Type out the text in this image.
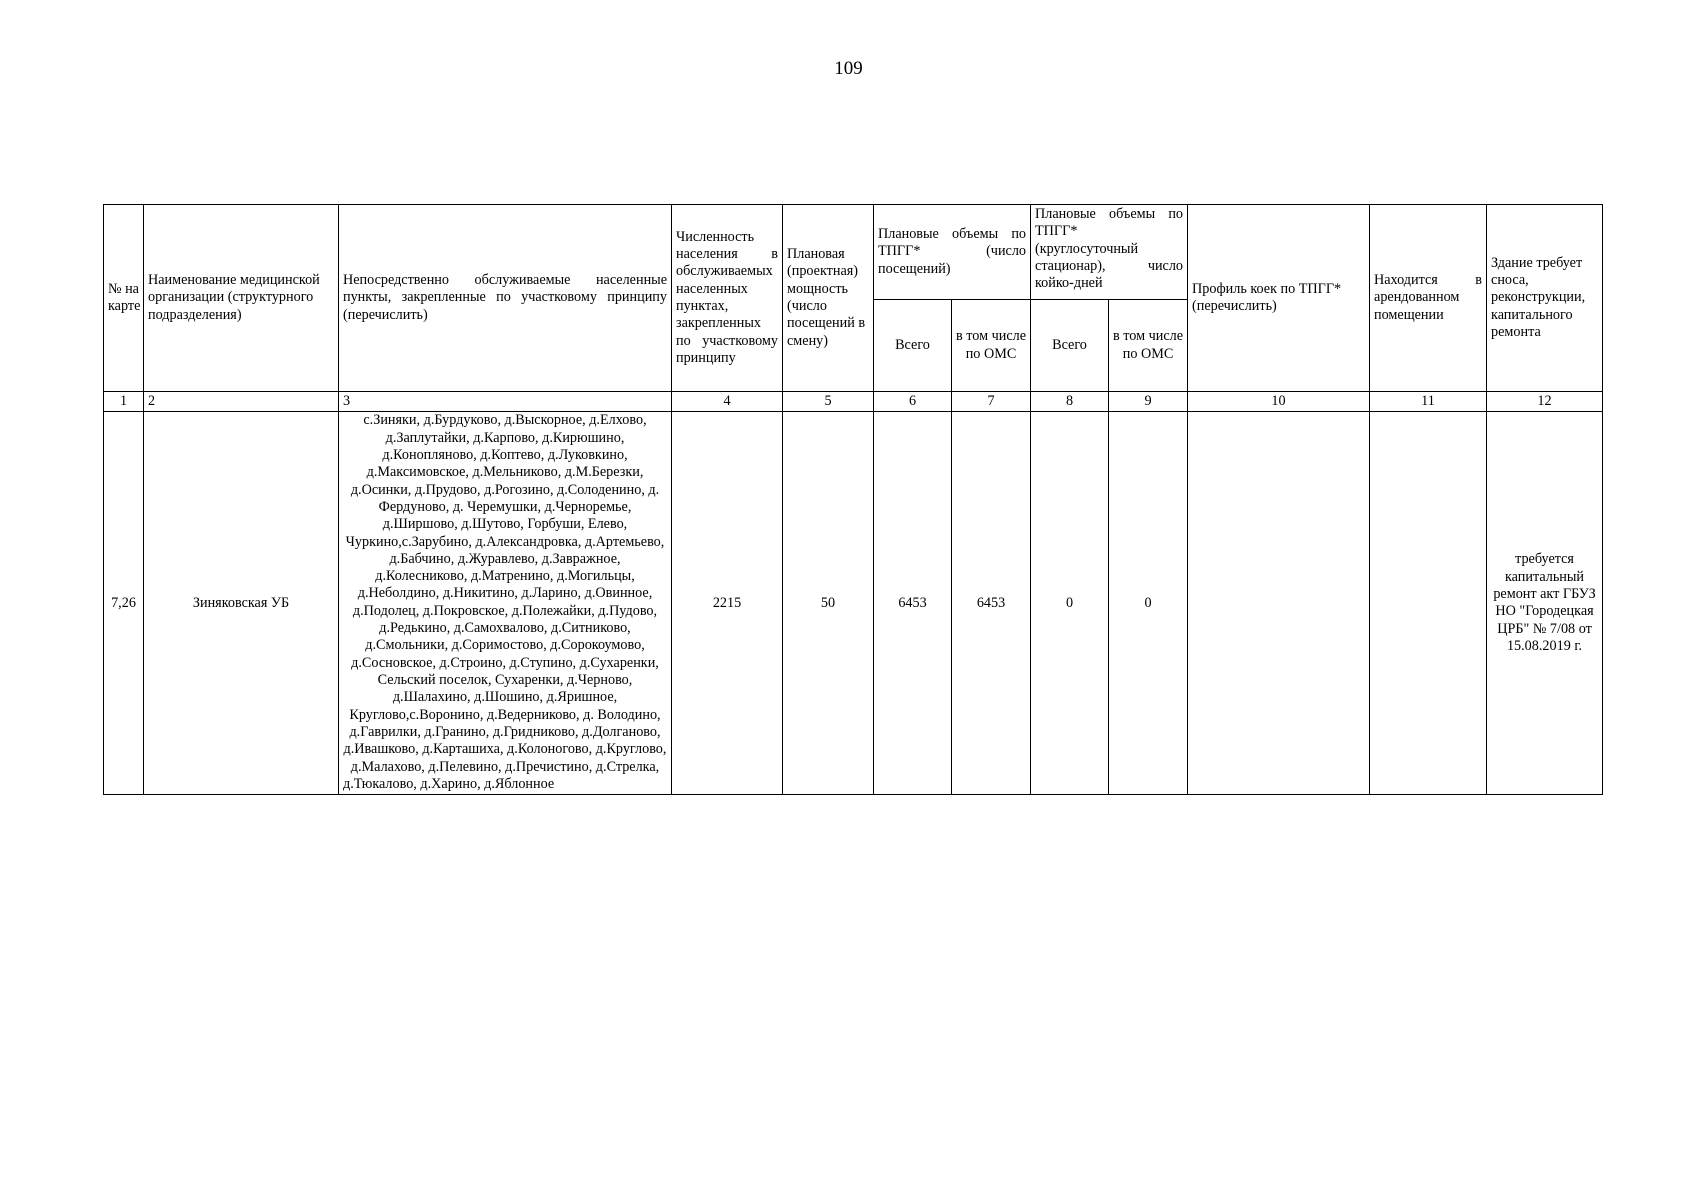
109
№ на карте	Наименование медицинской организации (структурного подразделения)	Непосредственно обслуживаемые населенные пункты, закрепленные по участковому принципу (перечислить)	Численность населения в обслуживаемых населенных пунктах, закрепленных по участковому принципу	Плановая (проектная) мощность (число посещений в смену)	Плановые объемы по ТПГГ* (число посещений)		Плановые объемы по ТПГГ* (круглосуточный стационар), число койко-дней		Профиль коек по ТПГГ* (перечислить)	Находится в арендованном помещении	Здание требует сноса, реконструкции, капитального ремонта
					Всего	в том числе по ОМС	Всего	в том числе по ОМС			
1	2	3	4	5	6	7	8	9	10	11	12
7,26	Зиняковская УБ	с.Зиняки, д.Бурдуково, д.Выскорное, д.Елхово, д.Заплутайки, д.Карпово, д.Кирюшино, д.Конопляново, д.Коптево, д.Луковкино, д.Максимовское, д.Мельниково, д.М.Березки, д.Осинки, д.Прудово, д.Рогозино, д.Солоденино, д. Фердуново, д. Черемушки, д.Черноремье, д.Ширшово, д.Шутово, Горбуши, Елево, Чуркино,с.Зарубино, д.Александровка, д.Артемьево, д.Бабчино, д.Журавлево, д.Завражное, д.Колесниково, д.Матренино, д.Могильцы, д.Неболдино, д.Никитино, д.Ларино, д.Овинное, д.Подолец, д.Покровское, д.Полежайки, д.Пудово, д.Редькино, д.Самохвалово, д.Ситниково, д.Смольники, д.Соримостово, д.Сорокоумово, д.Сосновское, д.Строино, д.Ступино, д.Сухаренки, Сельский поселок, Сухаренки, д.Черново, д.Шалахино, д.Шошино, д.Яришное, Круглово,с.Воронино, д.Ведерниково, д. Володино, д.Гаврилки, д.Гранино, д.Гридниково, д.Долганово, д.Ивашково, д.Карташиха, д.Колоногово, д.Круглово, д.Малахово, д.Пелевино, д.Пречистино, д.Стрелка, д.Тюкалово, д.Харино, д.Яблонное	2215	50	6453	6453	0	0			требуется капитальный ремонт акт ГБУЗ НО "Городецкая ЦРБ" № 7/08 от 15.08.2019 г.
